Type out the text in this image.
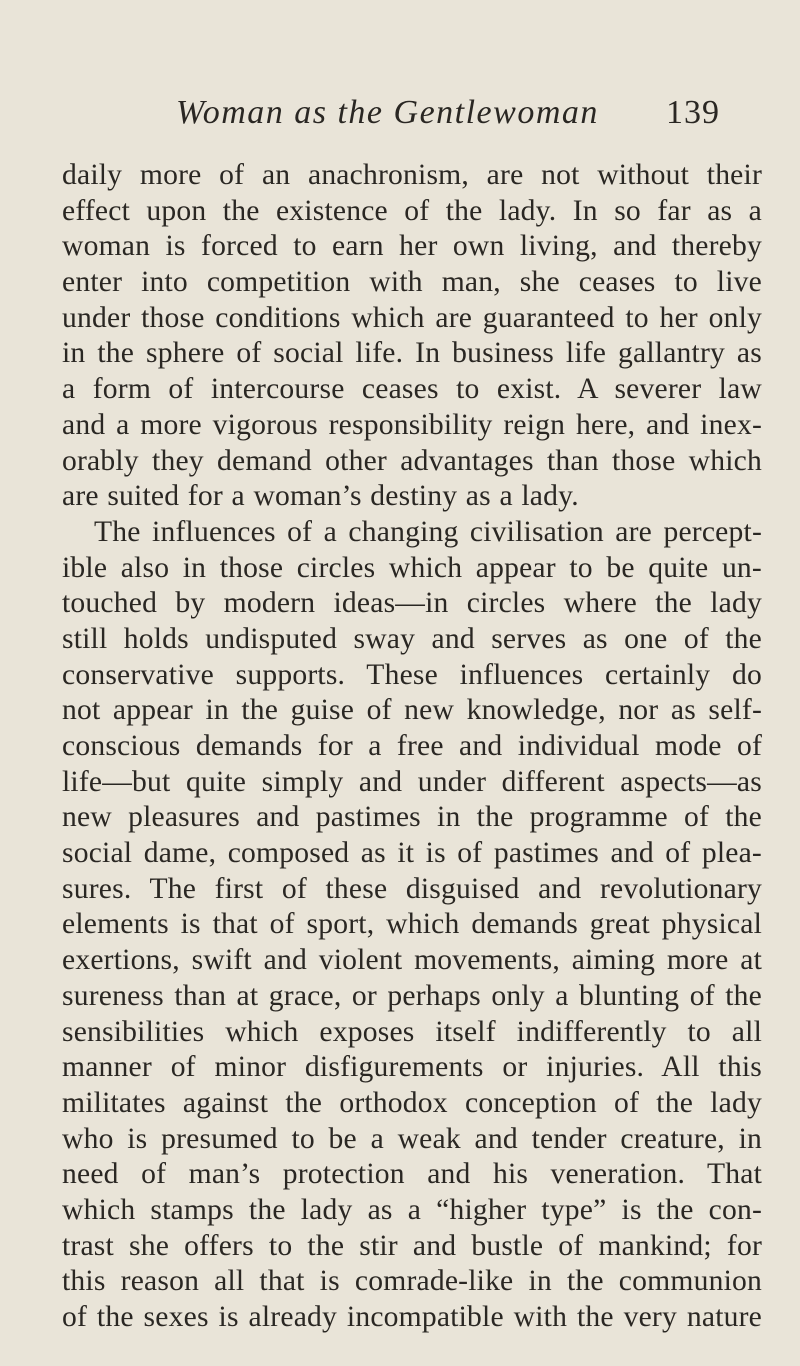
Woman as the Gentlewoman 139
daily more of an anachronism, are not without their
effect upon the existence of the lady. In so far as a
woman is forced to earn her own living, and thereby
enter into competition with man, she ceases to live
under those conditions which are guaranteed to her only
in the sphere of social life. In business life gallantry as
a form of intercourse ceases to exist. A severer law
and a more vigorous responsibility reign here, and inex-
orably they demand other advantages than those which
are suited for a woman’s destiny as a lady.
The influences of a changing civilisation are percept-
ible also in those circles which appear to be quite un-
touched by modern ideas—in circles where the lady
still holds undisputed sway and serves as one of the
conservative supports. These influences certainly do
not appear in the guise of new knowledge, nor as self-
conscious demands for a free and individual mode of
life—but quite simply and under different aspects—as
new pleasures and pastimes in the programme of the
social dame, composed as it is of pastimes and of plea-
sures. The first of these disguised and revolutionary
elements is that of sport, which demands great physical
exertions, swift and violent movements, aiming more at
sureness than at grace, or perhaps only a blunting of the
sensibilities which exposes itself indifferently to all
manner of minor disfigurements or injuries. All this
militates against the orthodox conception of the lady
who is presumed to be a weak and tender creature, in
need of man’s protection and his veneration. That
which stamps the lady as a “higher type” is the con-
trast she offers to the stir and bustle of mankind; for
this reason all that is comrade-like in the communion
of the sexes is already incompatible with the very nature
